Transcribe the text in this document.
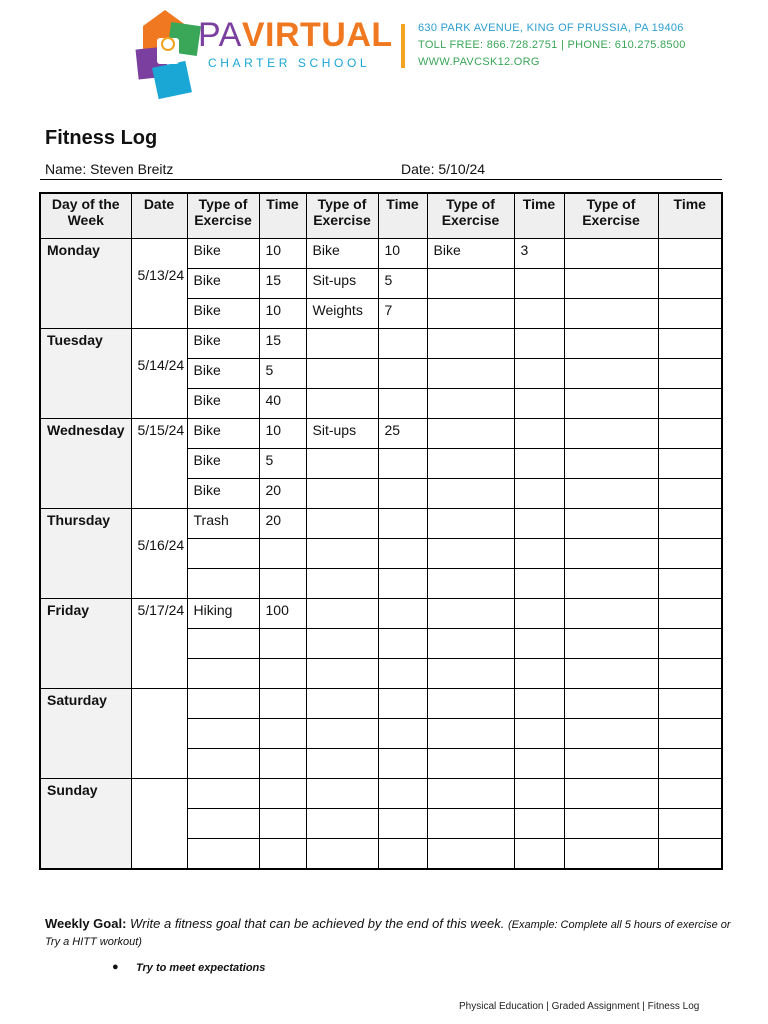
PAVIRTUAL
CHARTER SCHOOL
630 PARK AVENUE, KING OF PRUSSIA, PA 19406
TOLL FREE: 866.728.2751 | PHONE: 610.275.8500
WWW.PAVCSK12.ORG
Fitness Log
Name: Steven Breitz	Date: 5/10/24
Day of the Week	Date	Type of Exercise	Time	Type of Exercise	Time	Type of Exercise	Time	Type of Exercise	Time
Monday	5/13/24	Bike	10	Bike	10	Bike	3		
		Bike	15	Sit-ups	5				
		Bike	10	Weights	7				
Tuesday	5/14/24	Bike	15						
		Bike	5						
		Bike	40						
Wednesday	5/15/24	Bike	10	Sit-ups	25				
		Bike	5						
		Bike	20						
Thursday	5/16/24	Trash	20						

Friday	5/17/24	Hiking	100						

Saturday									

Sunday									

Weekly Goal: Write a fitness goal that can be achieved by the end of this week. (Example: Complete all 5 hours of exercise or Try a HITT workout)
● Try to meet expectations
Physical Education | Graded Assignment | Fitness Log
